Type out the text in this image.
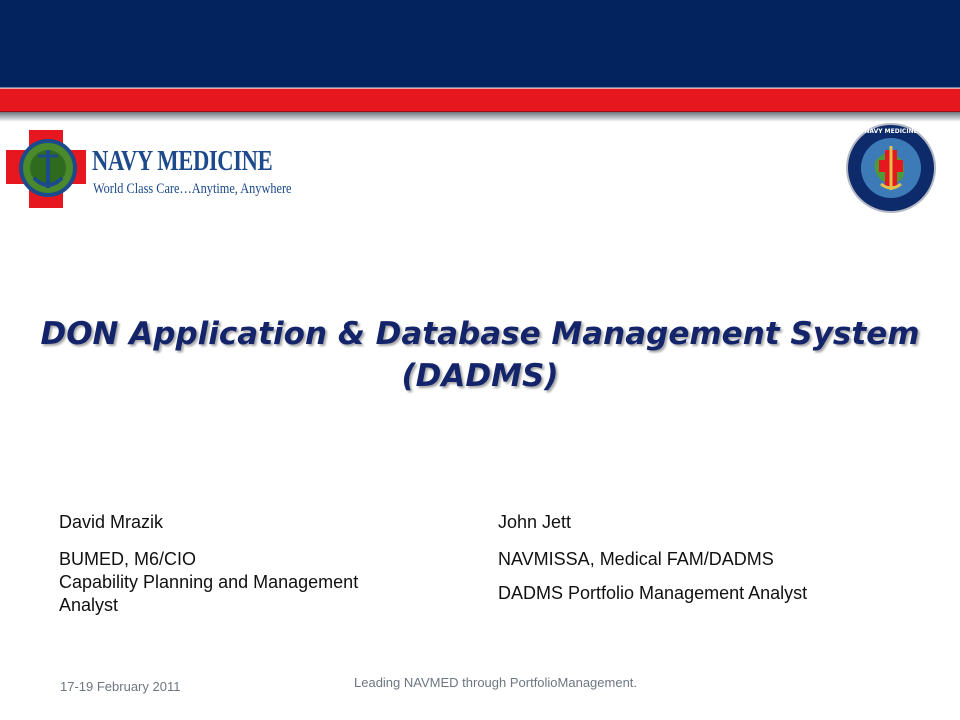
NAVY MEDICINE
World Class Care…Anytime, Anywhere
NAVY MEDICINE
DON Application & Database Management System
(DADMS)
David Mrazik
BUMED, M6/CIO
Capability Planning and Management
Analyst
John Jett
NAVMISSA, Medical FAM/DADMS
DADMS Portfolio Management Analyst
17-19 February 2011	Leading NAVMED through PortfolioManagement.
